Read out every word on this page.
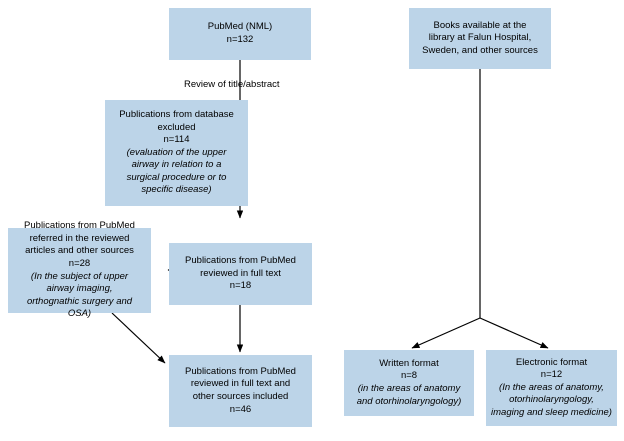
PubMed (NML)
n=132
Books available at the
library at Falun Hospital,
Sweden, and other sources
Review of title/abstract
Publications from database
excluded
n=114
(evaluation of the upper
airway in relation to a
surgical procedure or to
specific disease)
Publications from PubMed
referred in the reviewed
articles and other sources
n=28
(In the subject of upper
airway imaging,
orthognathic surgery and
OSA)
Publications from PubMed
reviewed in full text
n=18
Publications from PubMed
reviewed in full text and
other sources included
n=46
Written format
n=8
(in the areas of anatomy
and otorhinolaryngology)
Electronic format
n=12
(In the areas of anatomy,
otorhinolaryngology,
imaging and sleep medicine)
